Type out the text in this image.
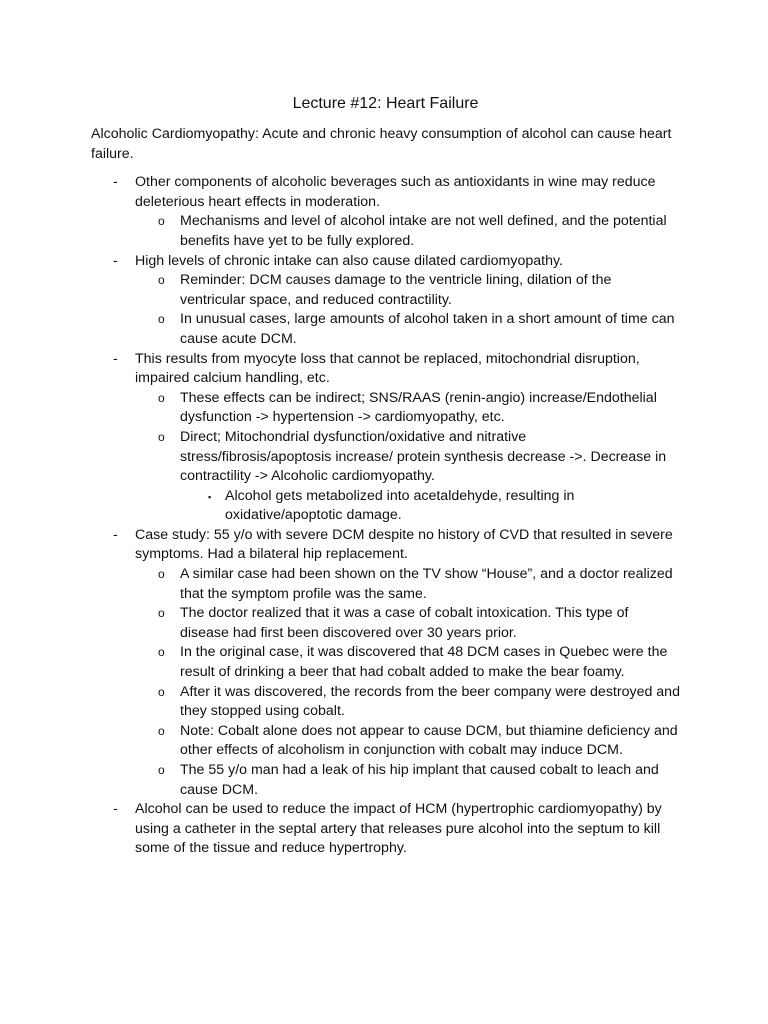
Lecture #12: Heart Failure

Alcoholic Cardiomyopathy: Acute and chronic heavy consumption of alcohol can cause heart failure.

- Other components of alcoholic beverages such as antioxidants in wine may reduce deleterious heart effects in moderation.
o Mechanisms and level of alcohol intake are not well defined, and the potential benefits have yet to be fully explored.
- High levels of chronic intake can also cause dilated cardiomyopathy.
o Reminder: DCM causes damage to the ventricle lining, dilation of the ventricular space, and reduced contractility.
o In unusual cases, large amounts of alcohol taken in a short amount of time can cause acute DCM.
- This results from myocyte loss that cannot be replaced, mitochondrial disruption, impaired calcium handling, etc.
o These effects can be indirect; SNS/RAAS (renin-angio) increase/Endothelial dysfunction -> hypertension -> cardiomyopathy, etc.
o Direct; Mitochondrial dysfunction/oxidative and nitrative stress/fibrosis/apoptosis increase/ protein synthesis decrease ->. Decrease in contractility -> Alcoholic cardiomyopathy.
▪ Alcohol gets metabolized into acetaldehyde, resulting in oxidative/apoptotic damage.
- Case study: 55 y/o with severe DCM despite no history of CVD that resulted in severe symptoms. Had a bilateral hip replacement.
o A similar case had been shown on the TV show “House”, and a doctor realized that the symptom profile was the same.
o The doctor realized that it was a case of cobalt intoxication. This type of disease had first been discovered over 30 years prior.
o In the original case, it was discovered that 48 DCM cases in Quebec were the result of drinking a beer that had cobalt added to make the bear foamy.
o After it was discovered, the records from the beer company were destroyed and they stopped using cobalt.
o Note: Cobalt alone does not appear to cause DCM, but thiamine deficiency and other effects of alcoholism in conjunction with cobalt may induce DCM.
o The 55 y/o man had a leak of his hip implant that caused cobalt to leach and cause DCM.
- Alcohol can be used to reduce the impact of HCM (hypertrophic cardiomyopathy) by using a catheter in the septal artery that releases pure alcohol into the septum to kill some of the tissue and reduce hypertrophy.
